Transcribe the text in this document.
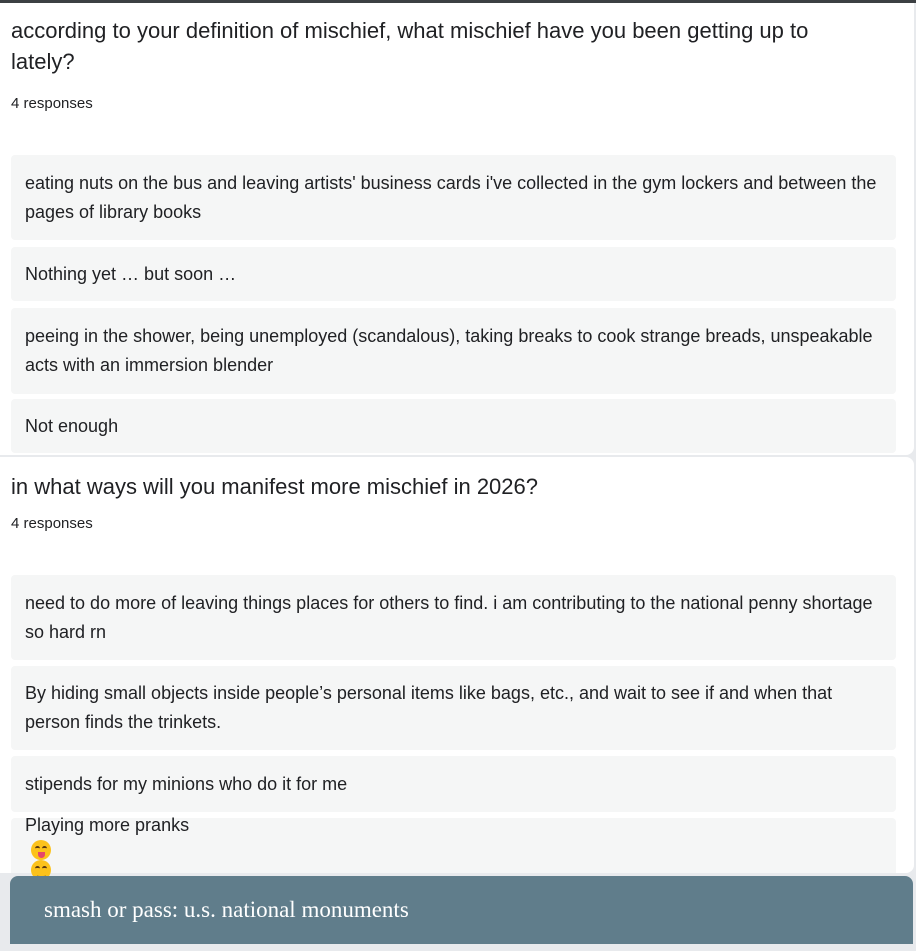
according to your definition of mischief, what mischief have you been getting up to lately?
4 responses
eating nuts on the bus and leaving artists' business cards i've collected in the gym lockers and between the pages of library books
Nothing yet … but soon …
peeing in the shower, being unemployed (scandalous), taking breaks to cook strange breads, unspeakable acts with an immersion blender
Not enough
in what ways will you manifest more mischief in 2026?
4 responses
need to do more of leaving things places for others to find. i am contributing to the national penny shortage so hard rn
By hiding small objects inside people’s personal items like bags, etc., and wait to see if and when that person finds the trinkets.
stipends for my minions who do it for me
Playing more pranks
smash or pass: u.s. national monuments
